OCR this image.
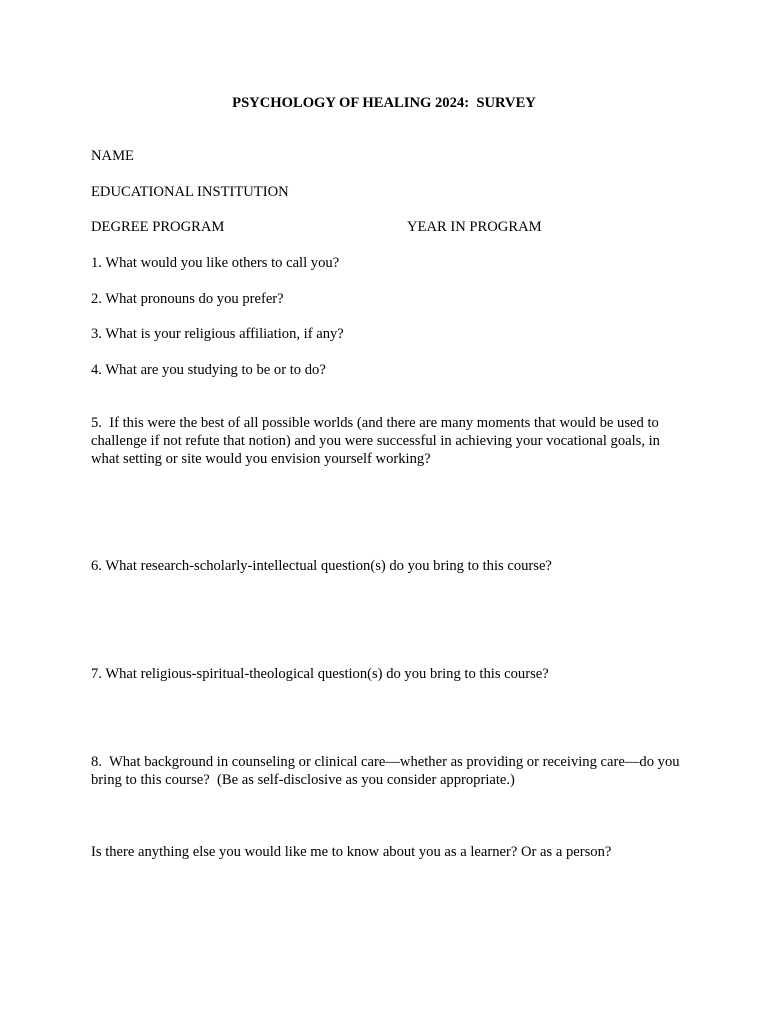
PSYCHOLOGY OF HEALING 2024:  SURVEY
NAME
EDUCATIONAL INSTITUTION
DEGREE PROGRAM	YEAR IN PROGRAM
1. What would you like others to call you?
2. What pronouns do you prefer?
3. What is your religious affiliation, if any?
4. What are you studying to be or to do?
5.  If this were the best of all possible worlds (and there are many moments that would be used to challenge if not refute that notion) and you were successful in achieving your vocational goals, in what setting or site would you envision yourself working?
6. What research-scholarly-intellectual question(s) do you bring to this course?
7. What religious-spiritual-theological question(s) do you bring to this course?
8.  What background in counseling or clinical care—whether as providing or receiving care—do you bring to this course?  (Be as self-disclosive as you consider appropriate.)
Is there anything else you would like me to know about you as a learner? Or as a person?
